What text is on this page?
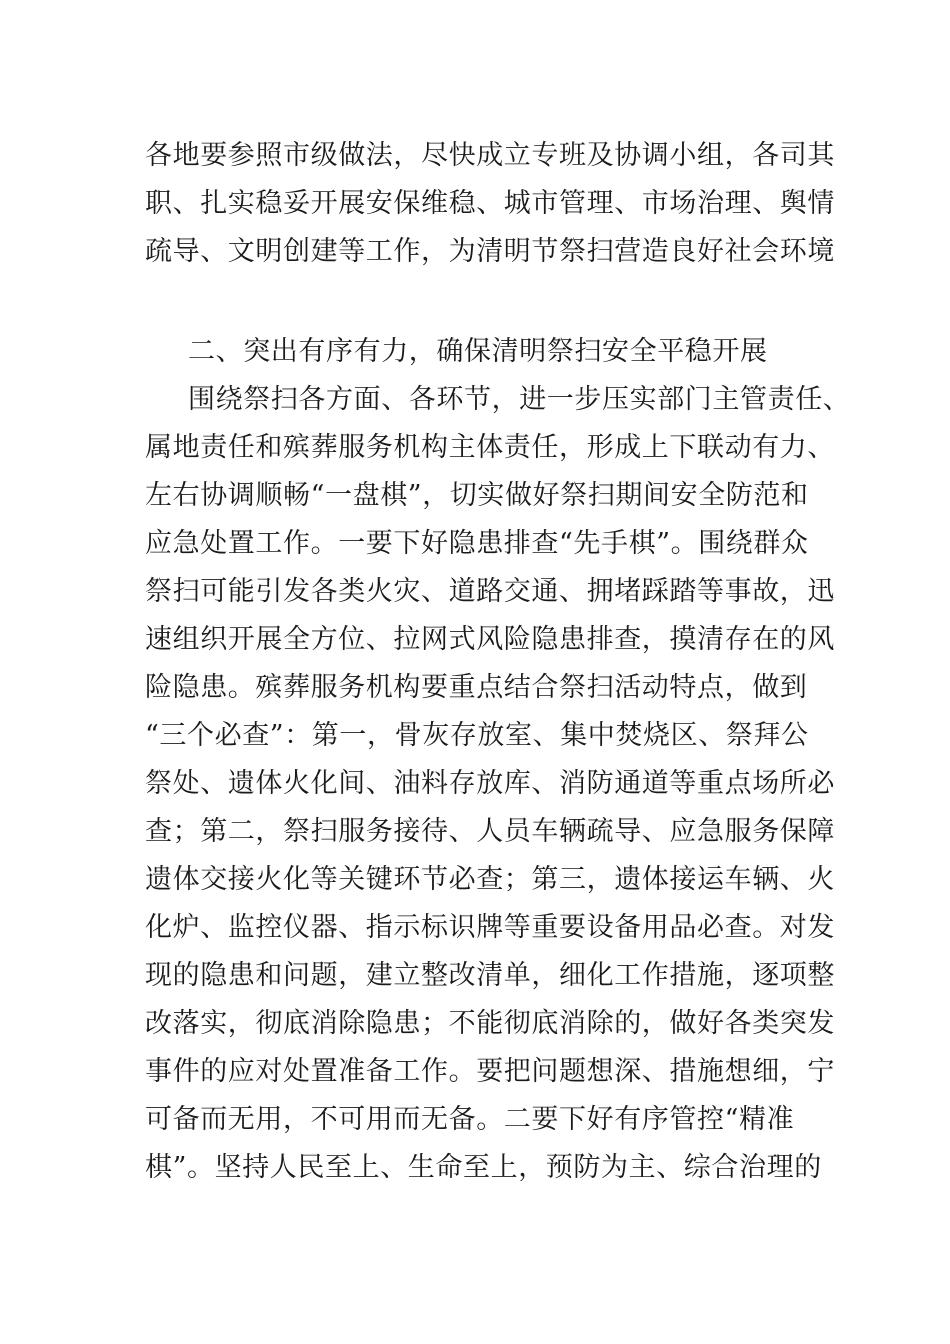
各地要参照市级做法，尽快成立专班及协调小组，各司其
职、扎实稳妥开展安保维稳、城市管理、市场治理、舆情
疏导、文明创建等工作，为清明节祭扫营造良好社会环境
二、突出有序有力，确保清明祭扫安全平稳开展
围绕祭扫各方面、各环节，进一步压实部门主管责任、
属地责任和殡葬服务机构主体责任，形成上下联动有力、
左右协调顺畅“一盘棋”，切实做好祭扫期间安全防范和
应急处置工作。一要下好隐患排查“先手棋”。围绕群众
祭扫可能引发各类火灾、道路交通、拥堵踩踏等事故，迅
速组织开展全方位、拉网式风险隐患排查，摸清存在的风
险隐患。殡葬服务机构要重点结合祭扫活动特点，做到
“三个必查”：第一，骨灰存放室、集中焚烧区、祭拜公
祭处、遗体火化间、油料存放库、消防通道等重点场所必
查；第二，祭扫服务接待、人员车辆疏导、应急服务保障
遗体交接火化等关键环节必查；第三，遗体接运车辆、火
化炉、监控仪器、指示标识牌等重要设备用品必查。对发
现的隐患和问题，建立整改清单，细化工作措施，逐项整
改落实，彻底消除隐患；不能彻底消除的，做好各类突发
事件的应对处置准备工作。要把问题想深、措施想细，宁
可备而无用，不可用而无备。二要下好有序管控“精准
棋”。坚持人民至上、生命至上，预防为主、综合治理的
